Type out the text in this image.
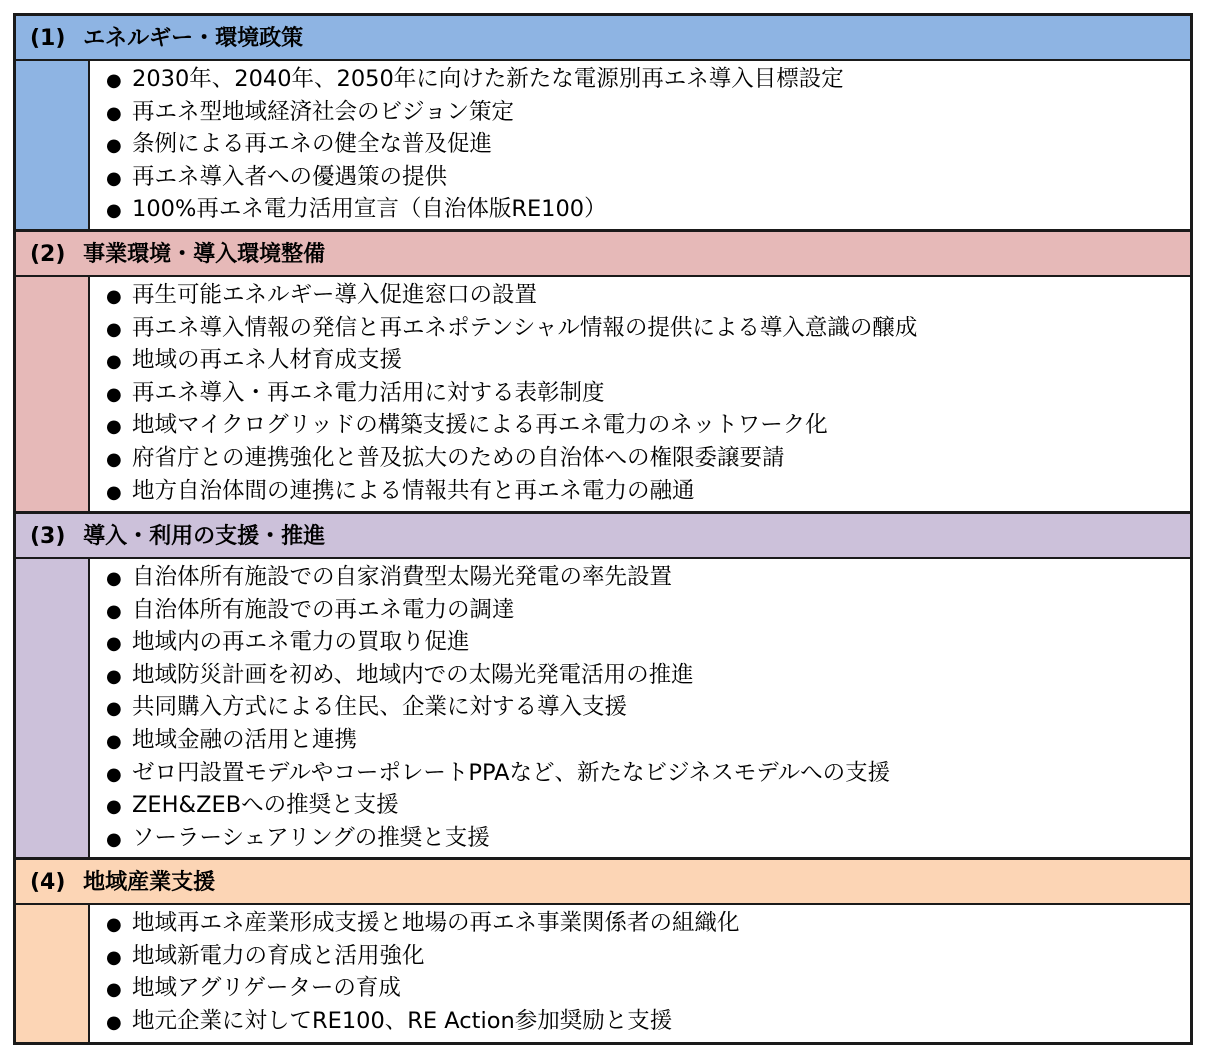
(1) エネルギー・環境政策
● 2030年、2040年、2050年に向けた新たな電源別再エネ導入目標設定
● 再エネ型地域経済社会のビジョン策定
● 条例による再エネの健全な普及促進
● 再エネ導入者への優遇策の提供
● 100%再エネ電力活用宣言（自治体版RE100）
(2) 事業環境・導入環境整備
● 再生可能エネルギー導入促進窓口の設置
● 再エネ導入情報の発信と再エネポテンシャル情報の提供による導入意識の醸成
● 地域の再エネ人材育成支援
● 再エネ導入・再エネ電力活用に対する表彰制度
● 地域マイクログリッドの構築支援による再エネ電力のネットワーク化
● 府省庁との連携強化と普及拡大のための自治体への権限委譲要請
● 地方自治体間の連携による情報共有と再エネ電力の融通
(3) 導入・利用の支援・推進
● 自治体所有施設での自家消費型太陽光発電の率先設置
● 自治体所有施設での再エネ電力の調達
● 地域内の再エネ電力の買取り促進
● 地域防災計画を初め、地域内での太陽光発電活用の推進
● 共同購入方式による住民、企業に対する導入支援
● 地域金融の活用と連携
● ゼロ円設置モデルやコーポレートPPAなど、新たなビジネスモデルへの支援
● ZEH&ZEBへの推奨と支援
● ソーラーシェアリングの推奨と支援
(4) 地域産業支援
● 地域再エネ産業形成支援と地場の再エネ事業関係者の組織化
● 地域新電力の育成と活用強化
● 地域アグリゲーターの育成
● 地元企業に対してRE100、RE Action参加奨励と支援
